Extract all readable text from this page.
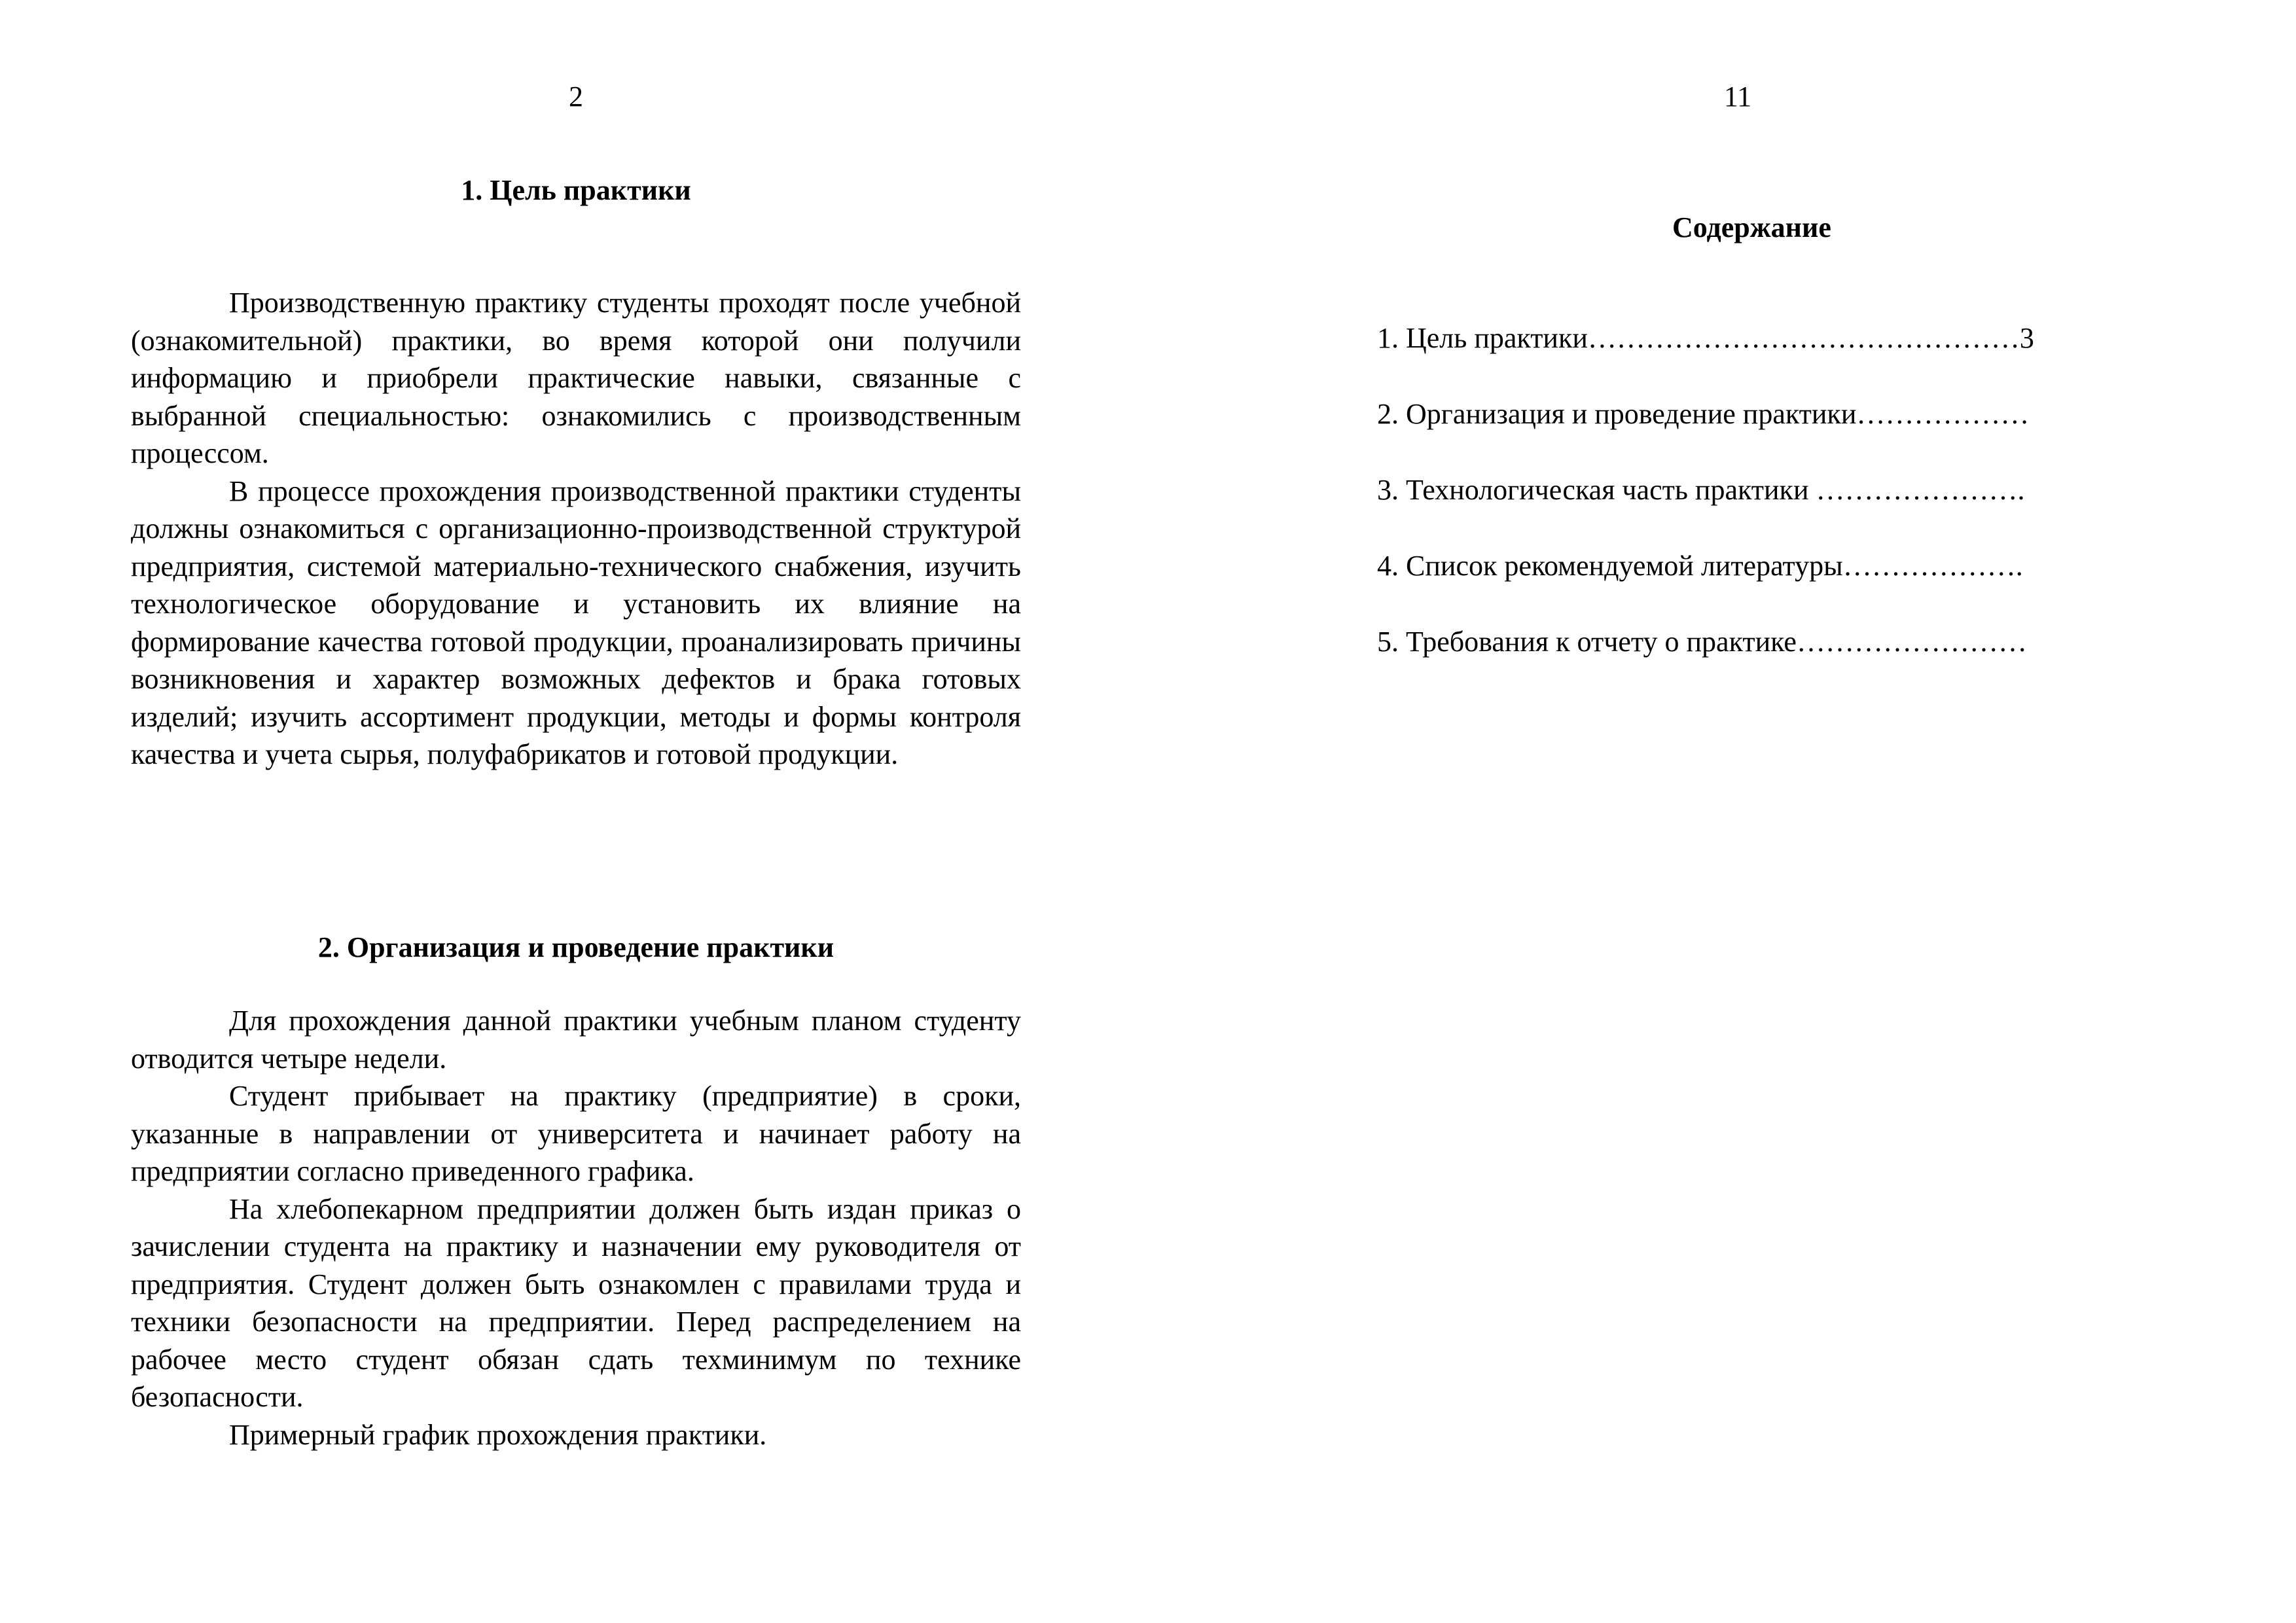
2
1. Цель практики

Производственную практику студенты проходят после учебной (ознакомительной) практики, во время которой они получили информацию и приобрели практические навыки, связанные с выбранной специальностью: ознакомились с производственным процессом.

В процессе прохождения производственной практики студенты должны ознакомиться с организационно-производственной структурой предприятия, системой материально-технического снабжения, изучить технологическое оборудование и установить их влияние на формирование качества готовой продукции, проанализировать причины возникновения и характер возможных дефектов и брака готовых изделий; изучить ассортимент продукции, методы и формы контроля качества и учета сырья, полуфабрикатов и готовой продукции.

2. Организация и проведение практики

Для прохождения данной практики учебным планом студенту отводится четыре недели.

Студент прибывает на практику (предприятие) в сроки, указанные в направлении от университета и начинает работу на предприятии согласно приведенного графика.

На хлебопекарном предприятии должен быть издан приказ о зачислении студента на практику и назначении ему руководителя от предприятия. Студент должен быть ознакомлен с правилами труда и техники безопасности на предприятии. Перед распределением на рабочее место студент обязан сдать техминимум по технике безопасности.

Примерный график прохождения практики.

11
Содержание
1. Цель практики………………………………………3
2. Организация и проведение практики………………
3. Технологическая часть практики ………………….
4. Список рекомендуемой литературы……………….
5. Требования к отчету о практике……………………
